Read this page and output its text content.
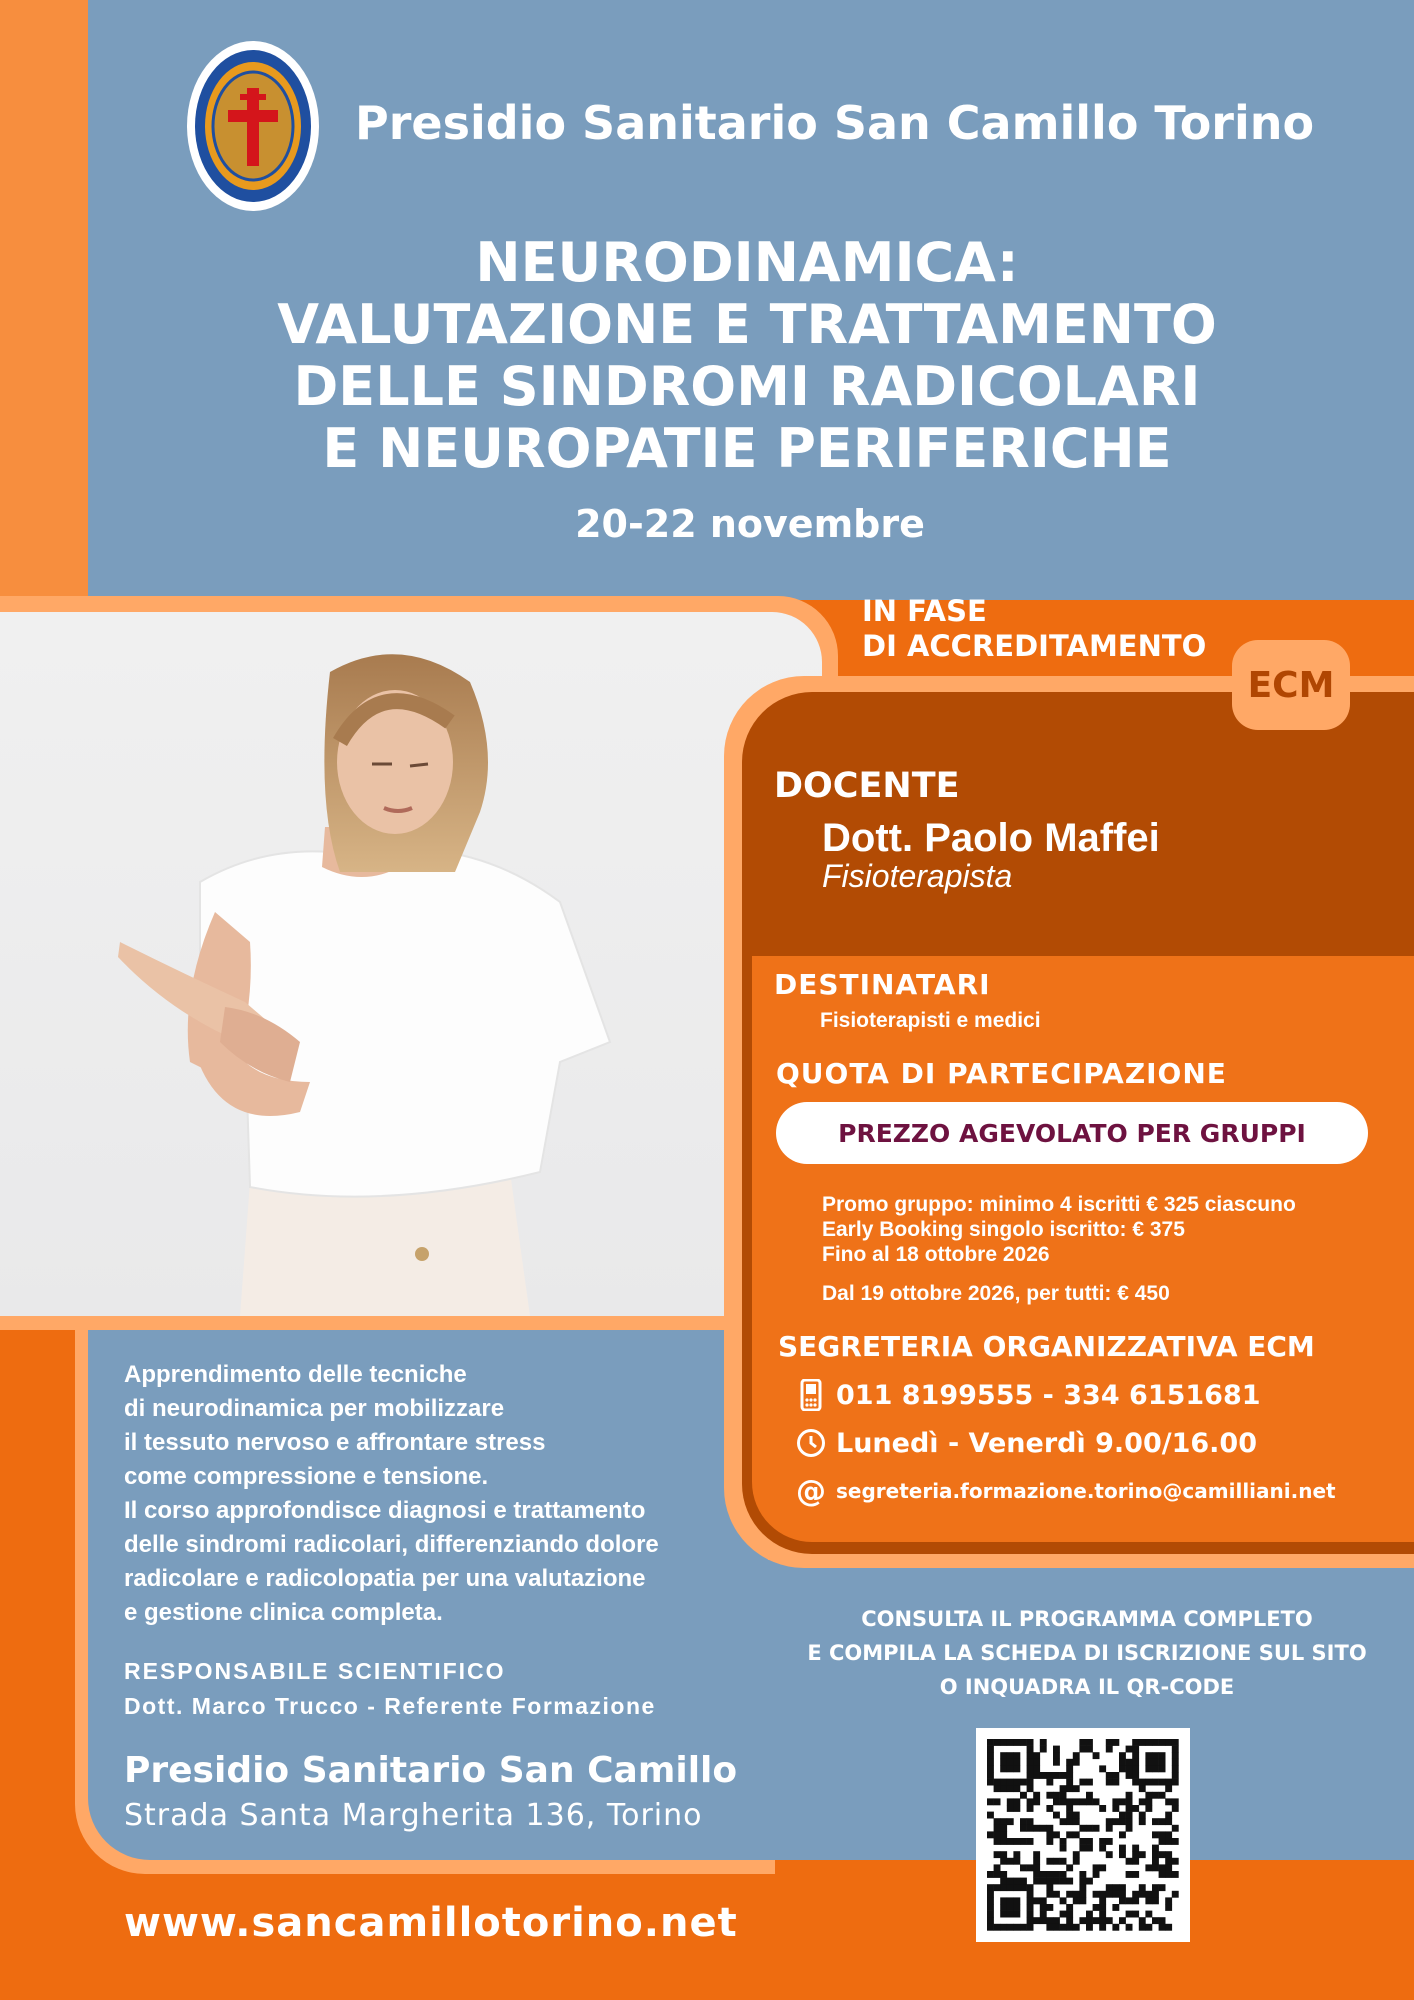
ECM
Presidio Sanitario San Camillo Torino
NEURODINAMICA:
VALUTAZIONE E TRATTAMENTO
DELLE SINDROMI RADICOLARI
E NEUROPATIE PERIFERICHE
20-22 novembre
IN FASE
DI ACCREDITAMENTO
DOCENTE
Dott. Paolo Maffei
Fisioterapista
DESTINATARI
Fisioterapisti e medici
QUOTA DI PARTECIPAZIONE
PREZZO AGEVOLATO PER GRUPPI
Promo gruppo: minimo 4 iscritti € 325 ciascuno
Early Booking singolo iscritto: € 375
Fino al 18 ottobre 2026
Dal 19 ottobre 2026, per tutti: € 450
SEGRETERIA ORGANIZZATIVA ECM
011 8199555 - 334 6151681
Lunedì - Venerdì 9.00/16.00
@ segreteria.formazione.torino@camilliani.net
Apprendimento delle tecniche
di neurodinamica per mobilizzare
il tessuto nervoso e affrontare stress
come compressione e tensione.
Il corso approfondisce diagnosi e trattamento
delle sindromi radicolari, differenziando dolore
radicolare e radicolopatia per una valutazione
e gestione clinica completa.
RESPONSABILE SCIENTIFICO
Dott. Marco Trucco - Referente Formazione
Presidio Sanitario San Camillo
Strada Santa Margherita 136, Torino
CONSULTA IL PROGRAMMA COMPLETO
E COMPILA LA SCHEDA DI ISCRIZIONE SUL SITO
O INQUADRA IL QR-CODE
www.sancamillotorino.net
